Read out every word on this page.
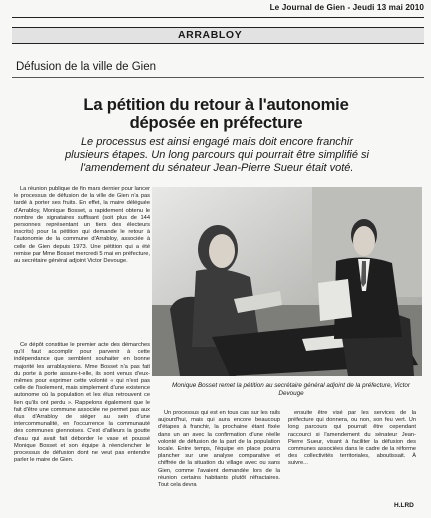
Le Journal de Gien - Jeudi 13 mai 2010
ARRABLOY
Défusion de la ville de Gien
La pétition du retour à l'autonomie
déposée en préfecture
Le processus est ainsi engagé mais doit encore franchir
plusieurs étapes. Un long parcours qui pourrait être simplifié si
l'amendement du sénateur Jean-Pierre Sueur était voté.

La réunion publique de fin mars dernier pour lancer le processus de défusion de la ville de Gien n'a pas tardé à porter ses fruits. En effet, la maire déléguée d'Arrabloy, Monique Bosset, a rapidement obtenu le nombre de signataires suffisant (soit plus de 144 personnes représentant un tiers des électeurs inscrits) pour la pétition qui demande le retour à l'autonomie de la commune d'Arrabloy, associée à celle de Gien depuis 1973. Une pétition qui a été remise par Mme Bosset mercredi 5 mai en préfecture, au secrétaire général adjoint Victor Devouge.

Ce dépôt constitue le premier acte des démarches qu'il faut accomplir pour parvenir à cette indépendance que semblent souhaiter en bonne majorité les arrablaysiens. Mme Bosset n'a pas fait du porte à porte assure-t-elle, ils sont venus d'eux-mêmes pour exprimer cette volonté « qui n'est pas celle de l'isolement, mais simplement d'une existence autonome où la population et les élus retrouvent ce lien qu'ils ont perdu ». Rappelons également que le fait d'être une commune associée ne permet pas aux élus d'Arrabloy de siéger au sein d'une intercommunalité, en l'occurrence la communauté des communes giennoises. C'est d'ailleurs la goutte d'eau qui avait fait déborder le vase et poussé Monique Bosset et son équipe à réenclencher le processus de défusion dont ne veut pas entendre parler le maire de Gien.

Monique Bosset remet la pétition au secrétaire général adjoint de la préfecture, Victor Devouge

Un processus qui est en tous cas sur les rails aujourd'hui, mais qui aura encore beaucoup d'étapes à franchir, la prochaine étant fixée dans un an avec la confirmation d'une réelle volonté de défusion de la part de la population locale. Entre temps, l'équipe en place pourra plancher sur une analyse comparative et chiffrée de la situation du village avec ou sans Gien, comme l'avaient demandée lors de la réunion certains habitants plutôt réfractaires. Tout cela devra

ensuite être visé par les services de la préfecture qui donnera, ou non, son feu vert. Un long parcours qui pourrait être cependant raccourci si l'amendement du sénateur Jean-Pierre Sueur, visant à faciliter la défusion des communes associées dans le cadre de la réforme des collectivités territoriales, aboutissait. À suivre...

H.LRD
